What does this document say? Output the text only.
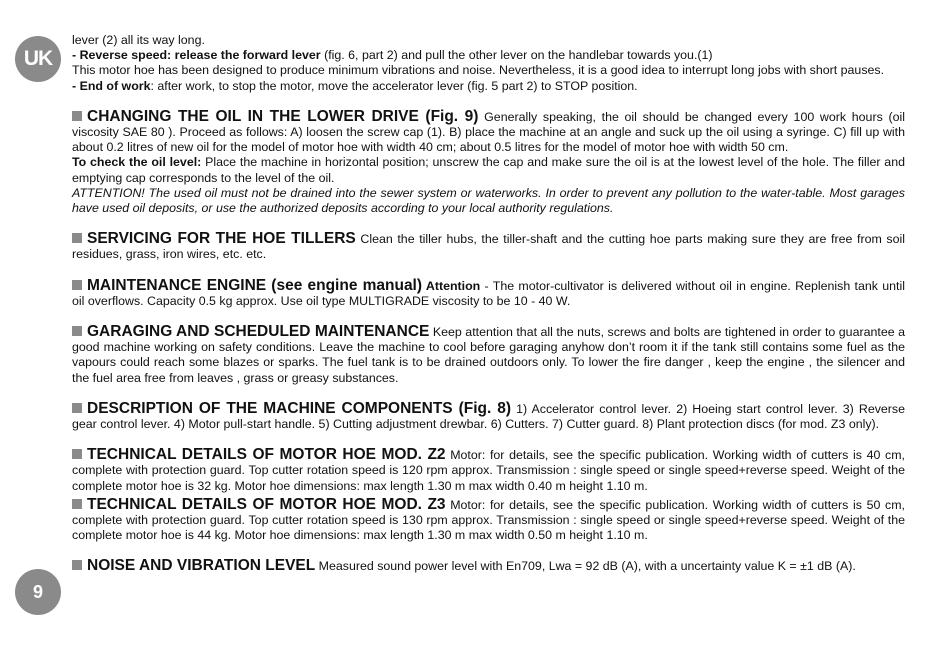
UK
9

lever (2) all its way long.
- Reverse speed: release the forward lever (fig. 6, part 2) and pull the other lever on the handlebar towards you.(1)
This motor hoe has been designed to produce minimum vibrations and noise. Nevertheless, it is a good idea to interrupt long jobs with short pauses.
- End of work: after work, to stop the motor, move the accelerator lever (fig. 5 part 2) to STOP position.

CHANGING THE OIL IN THE LOWER DRIVE (Fig. 9) Generally speaking, the oil should be changed every 100 work hours (oil viscosity SAE 80 ). Proceed as follows: A) loosen the screw cap (1). B) place the machine at an angle and suck up the oil using a syringe. C) fill up with about 0.2 litres of new oil for the model of motor hoe with width 40 cm; about 0.5 litres for the model of motor hoe with width 50 cm.
To check the oil level: Place the machine in horizontal position; unscrew the cap and make sure the oil is at the lowest level of the hole. The filler and emptying cap corresponds to the level of the oil.
ATTENTION! The used oil must not be drained into the sewer system or waterworks. In order to prevent any pollution to the water-table. Most garages have used oil deposits, or use the authorized deposits according to your local authority regulations.

SERVICING FOR THE HOE TILLERS Clean the tiller hubs, the tiller-shaft and the cutting hoe parts making sure they are free from soil residues, grass, iron wires, etc. etc.

MAINTENANCE ENGINE (see engine manual) Attention - The motor-cultivator is delivered without oil in engine. Replenish tank until oil overflows. Capacity 0.5 kg approx. Use oil type MULTIGRADE viscosity to be 10 - 40 W.

GARAGING AND SCHEDULED MAINTENANCE Keep attention that all the nuts, screws and bolts are tightened in order to guarantee a good machine working on safety conditions. Leave the machine to cool before garaging anyhow don’t room it if the tank still contains some fuel as the vapours could reach some blazes or sparks. The fuel tank is to be drained outdoors only. To lower the fire danger , keep the engine , the silencer and the fuel area free from leaves , grass or greasy substances.

DESCRIPTION OF THE MACHINE COMPONENTS (Fig. 8) 1) Accelerator control lever. 2) Hoeing start control lever. 3) Reverse gear control lever. 4) Motor pull-start handle. 5) Cutting adjustment drewbar. 6) Cutters. 7) Cutter guard. 8) Plant protection discs (for mod. Z3 only).

TECHNICAL DETAILS OF MOTOR HOE MOD. Z2 Motor: for details, see the specific publication. Working width of cutters is 40 cm, complete with protection guard. Top cutter rotation speed is 120 rpm approx. Transmission : single speed or single speed+reverse speed. Weight of the complete motor hoe is 32 kg. Motor hoe dimensions: max length 1.30 m max width 0.40 m height 1.10 m.

TECHNICAL DETAILS OF MOTOR HOE MOD. Z3 Motor: for details, see the specific publication. Working width of cutters is 50 cm, complete with protection guard. Top cutter rotation speed is 130 rpm approx. Transmission : single speed or single speed+reverse speed. Weight of the complete motor hoe is 44 kg. Motor hoe dimensions: max length 1.30 m max width 0.50 m height 1.10 m.

NOISE AND VIBRATION LEVEL Measured sound power level with En709, Lwa = 92 dB (A), with a uncertainty value K = ±1 dB (A).
